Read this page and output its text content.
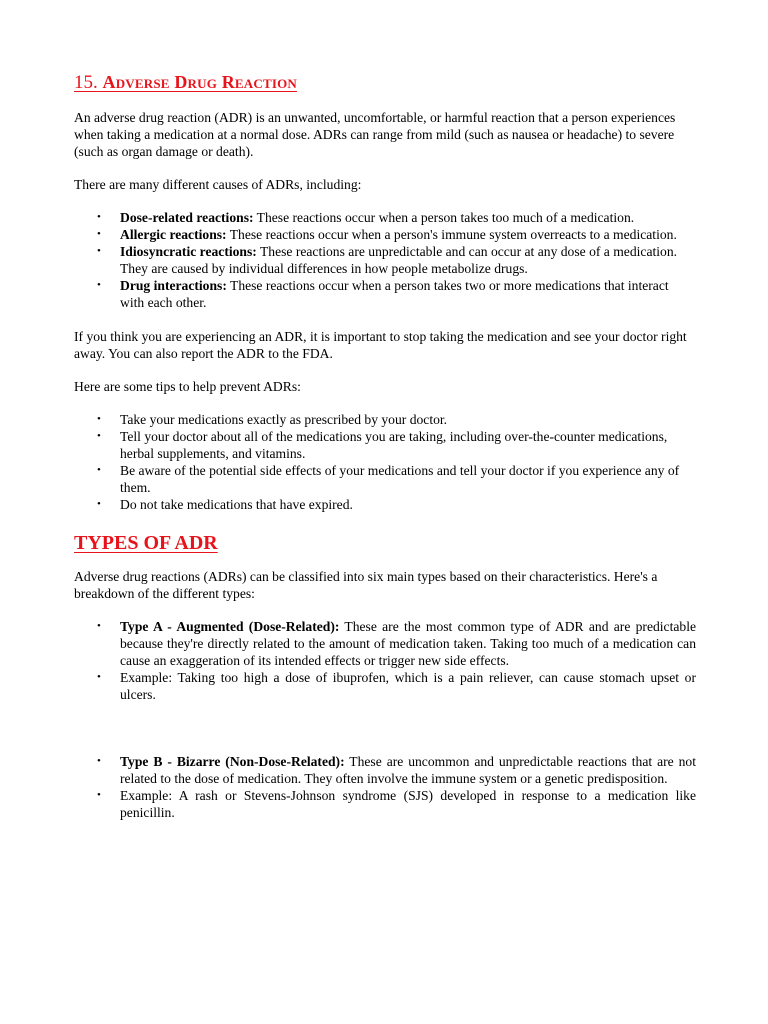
15. Adverse Drug Reaction

An adverse drug reaction (ADR) is an unwanted, uncomfortable, or harmful reaction that a person experiences when taking a medication at a normal dose. ADRs can range from mild (such as nausea or headache) to severe (such as organ damage or death).

There are many different causes of ADRs, including:

• Dose-related reactions: These reactions occur when a person takes too much of a medication.
• Allergic reactions: These reactions occur when a person's immune system overreacts to a medication.
• Idiosyncratic reactions: These reactions are unpredictable and can occur at any dose of a medication. They are caused by individual differences in how people metabolize drugs.
• Drug interactions: These reactions occur when a person takes two or more medications that interact with each other.

If you think you are experiencing an ADR, it is important to stop taking the medication and see your doctor right away. You can also report the ADR to the FDA.

Here are some tips to help prevent ADRs:

• Take your medications exactly as prescribed by your doctor.
• Tell your doctor about all of the medications you are taking, including over-the-counter medications, herbal supplements, and vitamins.
• Be aware of the potential side effects of your medications and tell your doctor if you experience any of them.
• Do not take medications that have expired.
TYPES OF ADR

Adverse drug reactions (ADRs) can be classified into six main types based on their characteristics. Here's a breakdown of the different types:

• Type A - Augmented (Dose-Related): These are the most common type of ADR and are predictable because they're directly related to the amount of medication taken. Taking too much of a medication can cause an exaggeration of its intended effects or trigger new side effects.
• Example: Taking too high a dose of ibuprofen, which is a pain reliever, can cause stomach upset or ulcers.
• Type B - Bizarre (Non-Dose-Related): These are uncommon and unpredictable reactions that are not related to the dose of medication. They often involve the immune system or a genetic predisposition.
• Example: A rash or Stevens-Johnson syndrome (SJS) developed in response to a medication like penicillin.
